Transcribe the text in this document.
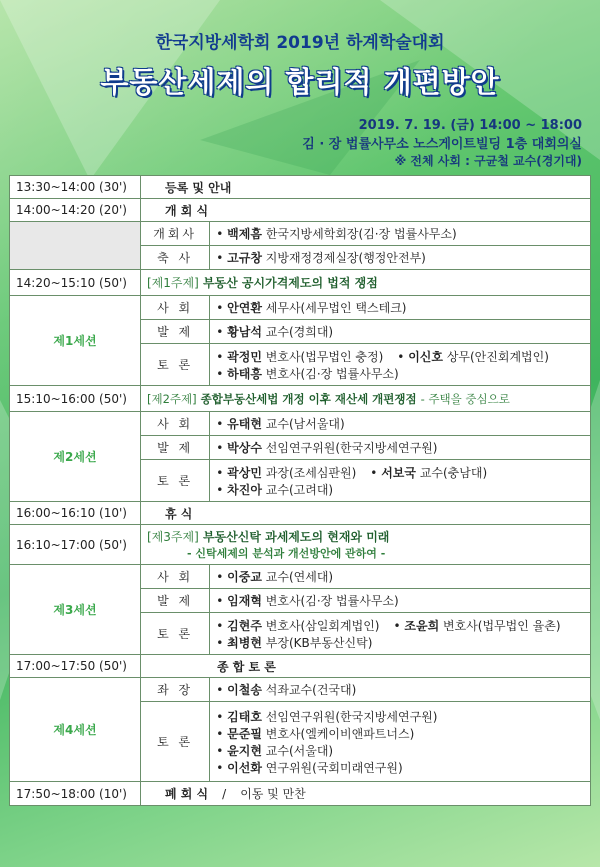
한국지방세학회 2019년 하계학술대회
부동산세제의 합리적 개편방안
2019. 7. 19. (금) 14:00 ~ 18:00
김 · 장 법률사무소 노스게이트빌딩 1층 대회의실
※ 전체 사회 : 구균철 교수(경기대)
13:30~14:00 (30')	등록 및 안내	
14:00~14:20 (20')	개 회 식	
	개회사	• 백제흠 한국지방세학회장(김·장 법률사무소)
	축 사	• 고규창 지방재정경제실장(행정안전부)
14:20~15:10 (50')	[제1주제] 부동산 공시가격제도의 법적 쟁점	
제1세션	사 회	• 안연환 세무사(세무법인 택스테크)
	발 제	• 황남석 교수(경희대)
	토 론	• 곽정민 변호사(법무법인 충정) • 이신호 상무(안진회계법인)
• 하태흥 변호사(김·장 법률사무소)

15:10~16:00 (50')	[제2주제] 종합부동산세법 개정 이후 재산세 개편쟁점 - 주택을 중심으로	
제2세션	사 회	• 유태현 교수(남서울대)
	발 제	• 박상수 선임연구위원(한국지방세연구원)
	토 론	• 곽상민 과장(조세심판원) • 서보국 교수(충남대)
• 차진아 교수(고려대)

16:00~16:10 (10')	휴 식	
16:10~17:00 (50')	[제3주제] 부동산신탁 과세제도의 현재와 미래
- 신탁세제의 분석과 개선방안에 관하여 -	

제3세션	사 회	• 이중교 교수(연세대)
	발 제	• 임재혁 변호사(김·장 법률사무소)
	토 론	• 김현주 변호사(삼일회계법인) • 조윤희 변호사(법무법인 율촌)
• 최병현 부장(KB부동산신탁)

17:00~17:50 (50')	종 합 토 론	
제4세션	좌 장	• 이철송 석좌교수(건국대)
	토 론	• 김태호 선임연구위원(한국지방세연구원)
• 문준필 변호사(엘케이비앤파트너스)
• 윤지현 교수(서울대)
• 이선화 연구위원(국회미래연구원)

17:50~18:00 (10')	폐 회 식 / 이동 및 만찬	
